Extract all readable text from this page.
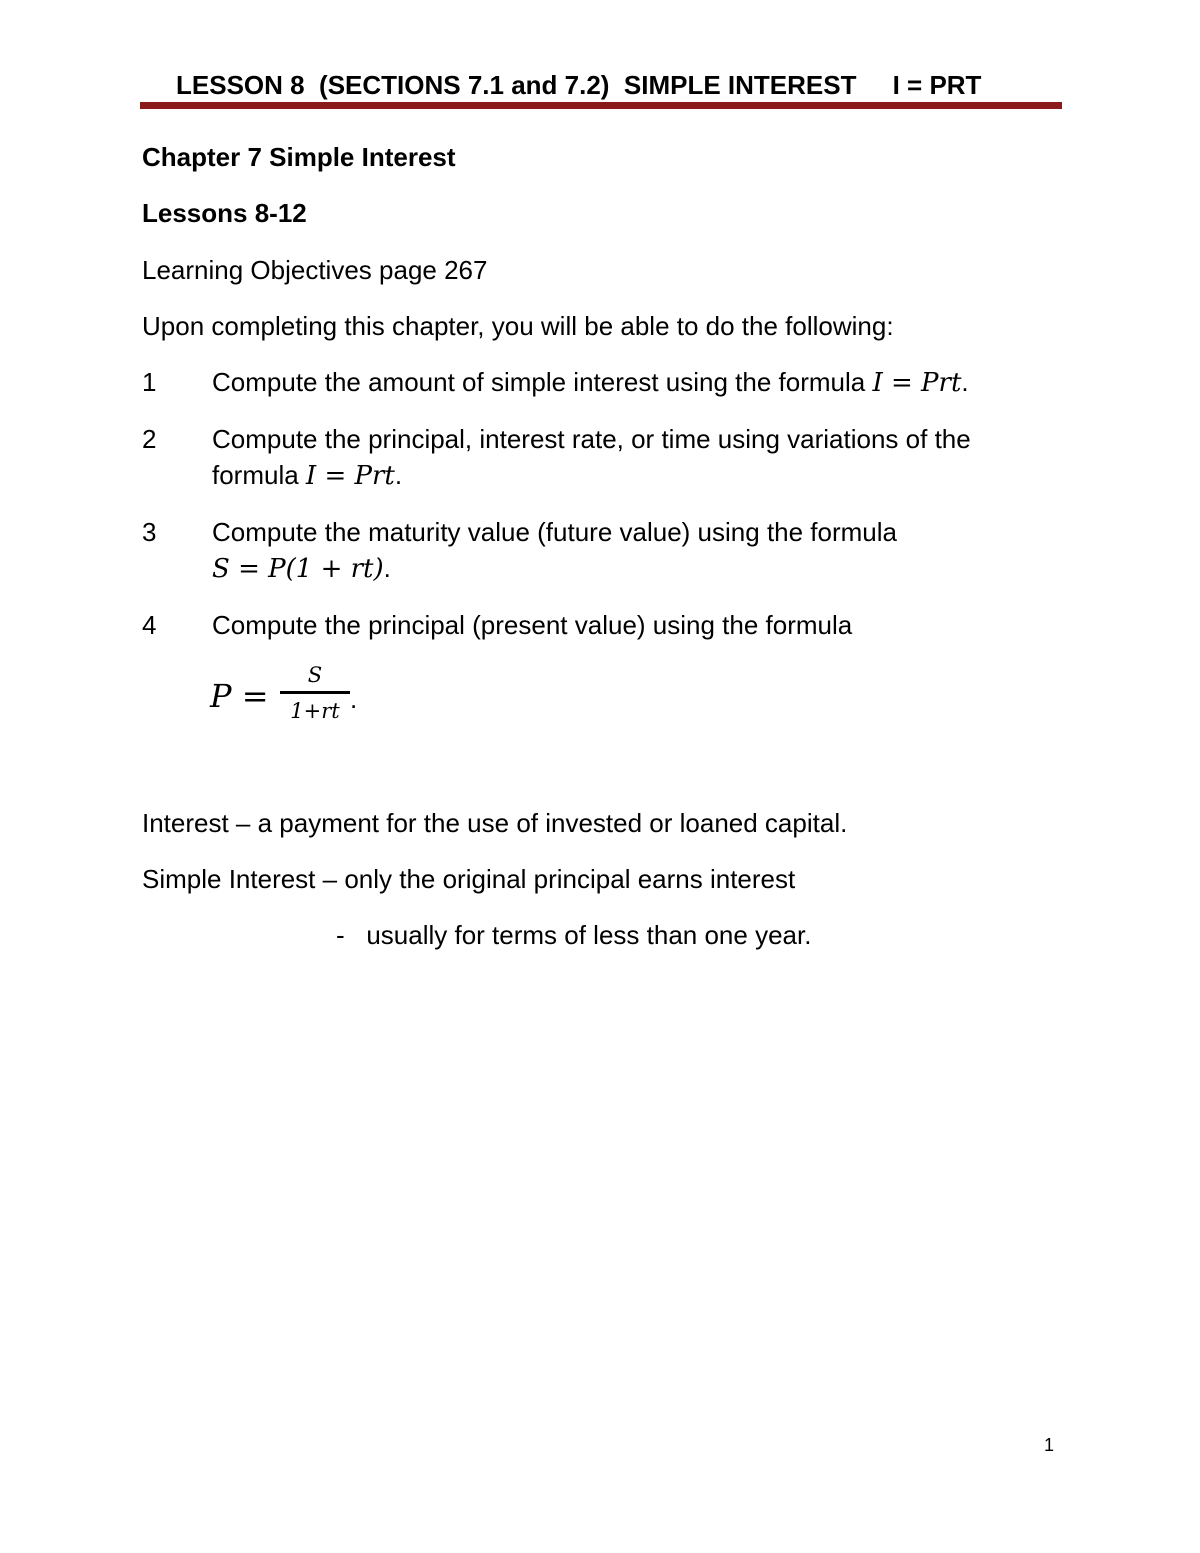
LESSON 8  (SECTIONS 7.1 and 7.2)  SIMPLE INTEREST     I = PRT
Chapter 7 Simple Interest
Lessons 8-12
Learning Objectives page 267
Upon completing this chapter, you will be able to do the following:
1 Compute the amount of simple interest using the formula I = Prt.
2 Compute the principal, interest rate, or time using variations of the
formula I = Prt.
3 Compute the maturity value (future value) using the formula
S = P(1 + rt).
4 Compute the principal (present value) using the formula
P =
S
1+rt .
Interest – a payment for the use of invested or loaned capital.
Simple Interest – only the original principal earns interest
-   usually for terms of less than one year.
1
